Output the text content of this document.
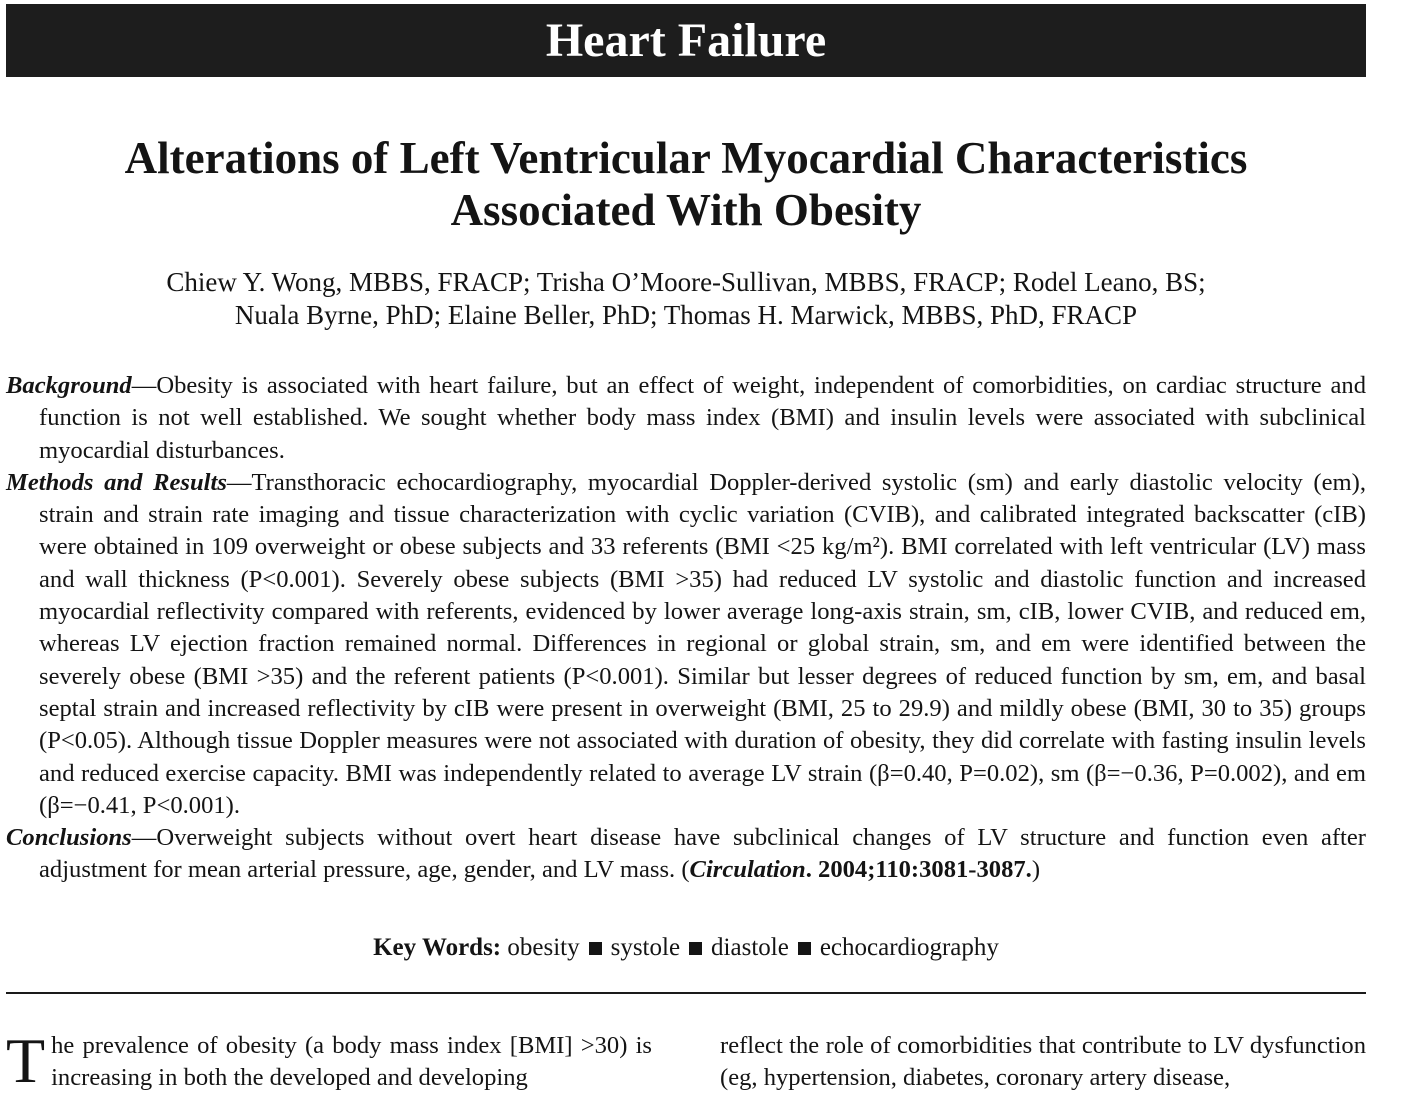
Heart Failure
Alterations of Left Ventricular Myocardial Characteristics
Associated With Obesity
Chiew Y. Wong, MBBS, FRACP; Trisha O’Moore-Sullivan, MBBS, FRACP; Rodel Leano, BS;
Nuala Byrne, PhD; Elaine Beller, PhD; Thomas H. Marwick, MBBS, PhD, FRACP

Background—Obesity is associated with heart failure, but an effect of weight, independent of comorbidities, on cardiac structure and function is not well established. We sought whether body mass index (BMI) and insulin levels were associated with subclinical myocardial disturbances.

Methods and Results—Transthoracic echocardiography, myocardial Doppler-derived systolic (sm) and early diastolic velocity (em), strain and strain rate imaging and tissue characterization with cyclic variation (CVIB), and calibrated integrated backscatter (cIB) were obtained in 109 overweight or obese subjects and 33 referents (BMI <25 kg/m²). BMI correlated with left ventricular (LV) mass and wall thickness (P<0.001). Severely obese subjects (BMI >35) had reduced LV systolic and diastolic function and increased myocardial reflectivity compared with referents, evidenced by lower average long-axis strain, sm, cIB, lower CVIB, and reduced em, whereas LV ejection fraction remained normal. Differences in regional or global strain, sm, and em were identified between the severely obese (BMI >35) and the referent patients (P<0.001). Similar but lesser degrees of reduced function by sm, em, and basal septal strain and increased reflectivity by cIB were present in overweight (BMI, 25 to 29.9) and mildly obese (BMI, 30 to 35) groups (P<0.05). Although tissue Doppler measures were not associated with duration of obesity, they did correlate with fasting insulin levels and reduced exercise capacity. BMI was independently related to average LV strain (β=0.40, P=0.02), sm (β=−0.36, P=0.002), and em (β=−0.41, P<0.001).

Conclusions—Overweight subjects without overt heart disease have subclinical changes of LV structure and function even after adjustment for mean arterial pressure, age, gender, and LV mass. (Circulation. 2004;110:3081-3087.)

Key Words: obesity systole diastole echocardiography

The prevalence of obesity (a body mass index [BMI] >30) is increasing in both the developed and developing

reflect the role of comorbidities that contribute to LV dysfunction (eg, hypertension, diabetes, coronary artery disease,
